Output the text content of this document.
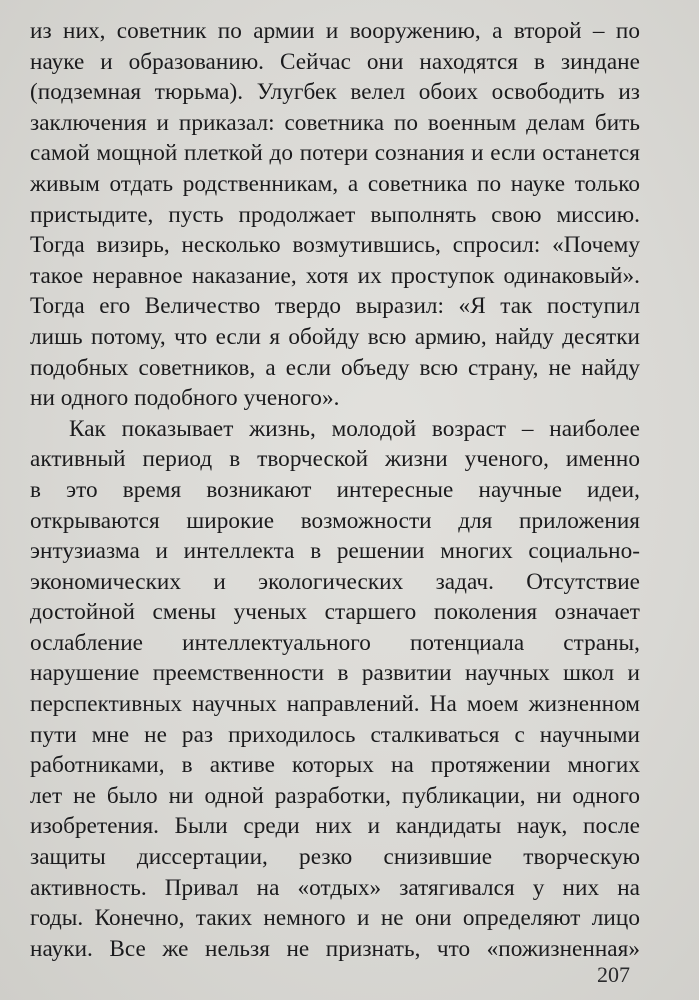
из них, советник по армии и вооружению, а второй – по
науке и образованию. Сейчас они находятся в зиндане
(подземная тюрьма). Улугбек велел обоих освободить из
заключения и приказал: советника по военным делам бить
самой мощной плеткой до потери сознания и если останется
живым отдать родственникам, а советника по науке только
пристыдите, пусть продолжает выполнять свою миссию.
Тогда визирь, несколько возмутившись, спросил: «Почему
такое неравное наказание, хотя их проступок одинаковый».
Тогда его Величество твердо выразил: «Я так поступил
лишь потому, что если я обойду всю армию, найду десятки
подобных советников, а если объеду всю страну, не найду
ни одного подобного ученого».
Как показывает жизнь, молодой возраст – наиболее
активный период в творческой жизни ученого, именно
в это время возникают интересные научные идеи,
открываются широкие возможности для приложения
энтузиазма и интеллекта в решении многих социально-
экономических и экологических задач. Отсутствие
достойной смены ученых старшего поколения означает
ослабление интеллектуального потенциала страны,
нарушение преемственности в развитии научных школ и
перспективных научных направлений. На моем жизненном
пути мне не раз приходилось сталкиваться с научными
работниками, в активе которых на протяжении многих
лет не было ни одной разработки, публикации, ни одного
изобретения. Были среди них и кандидаты наук, после
защиты диссертации, резко снизившие творческую
активность. Привал на «отдых» затягивался у них на
годы. Конечно, таких немного и не они определяют лицо
науки. Все же нельзя не признать, что «пожизненная»
207
